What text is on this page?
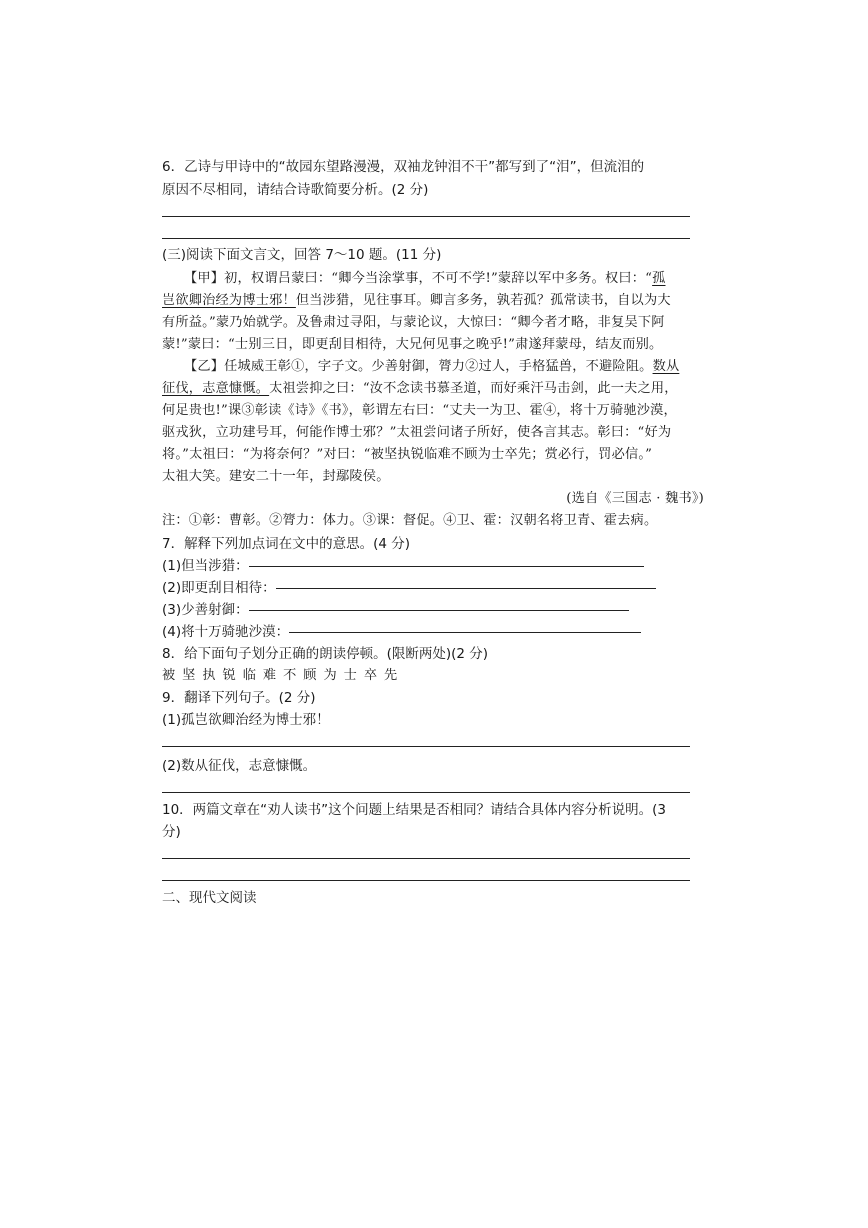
6．乙诗与甲诗中的“故园东望路漫漫，双袖龙钟泪不干”都写到了“泪”，但流泪的
原因不尽相同，请结合诗歌简要分析。(2 分)
(三)阅读下面文言文，回答 7～10 题。(11 分)
【甲】初，权谓吕蒙曰：“卿今当涂掌事，不可不学!”蒙辞以军中多务。权曰：“孤
岂欲卿治经为博士邪！但当涉猎，见往事耳。卿言多务，孰若孤？孤常读书，自以为大
有所益。”蒙乃始就学。及鲁肃过寻阳，与蒙论议，大惊曰：“卿今者才略，非复吴下阿
蒙!”蒙曰：“士别三日，即更刮目相待，大兄何见事之晚乎!”肃遂拜蒙母，结友而别。
【乙】任城威王彰①，字子文。少善射御，膂力②过人，手格猛兽，不避险阻。数从
征伐，志意慷慨。太祖尝抑之曰：“汝不念读书慕圣道，而好乘汗马击剑，此一夫之用，
何足贵也!”课③彰读《诗》《书》，彰谓左右曰：“丈夫一为卫、霍④，将十万骑驰沙漠，
驱戎狄，立功建号耳，何能作博士邪？”太祖尝问诸子所好，使各言其志。彰曰：“好为
将。”太祖曰：“为将奈何？”对曰：“被坚执锐临难不顾为士卒先；赏必行，罚必信。”
太祖大笑。建安二十一年，封鄢陵侯。
(选自《三国志 · 魏书》)
注：①彰：曹彰。②膂力：体力。③课：督促。④卫、霍：汉朝名将卫青、霍去病。
7．解释下列加点词在文中的意思。(4 分)
(1)但当涉猎：
(2)即更刮目相待：
(3)少善射御：
(4)将十万骑驰沙漠：
8．给下面句子划分正确的朗读停顿。(限断两处)(2 分)
被坚执锐临难不顾为士卒先
9．翻译下列句子。(2 分)
(1)孤岂欲卿治经为博士邪！
(2)数从征伐，志意慷慨。
10．两篇文章在“劝人读书”这个问题上结果是否相同？请结合具体内容分析说明。(3
分)
二、现代文阅读
